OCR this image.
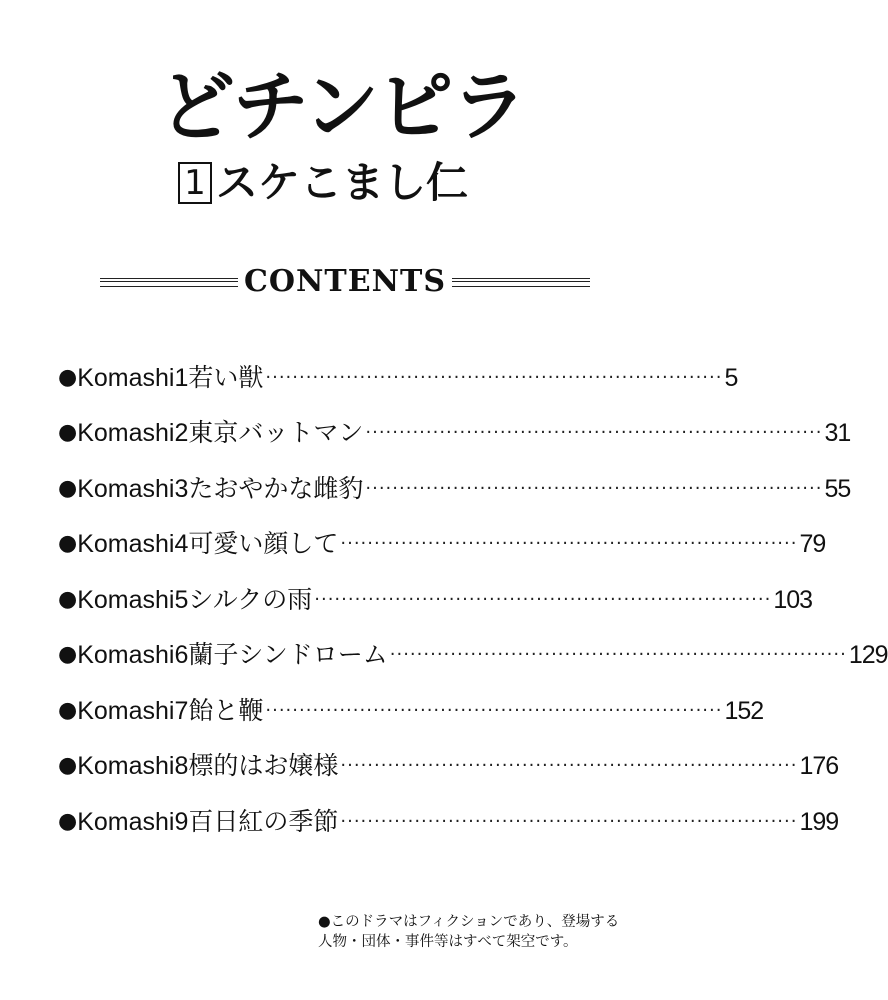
どチンピラ
1 スケこまし仁
CONTENTS
● Komashi 1 若い獣 ···································································· 5
● Komashi 2 東京バットマン ···································································· 31
● Komashi 3 たおやかな雌豹 ···································································· 55
● Komashi 4 可愛い顔して ···································································· 79
● Komashi 5 シルクの雨 ···································································· 103
● Komashi 6 蘭子シンドローム ···································································· 129
● Komashi 7 飴と鞭 ···································································· 152
● Komashi 8 標的はお嬢様 ···································································· 176
● Komashi 9 百日紅の季節 ···································································· 199
●このドラマはフィクションであり、登場する
人物・団体・事件等はすべて架空です。
